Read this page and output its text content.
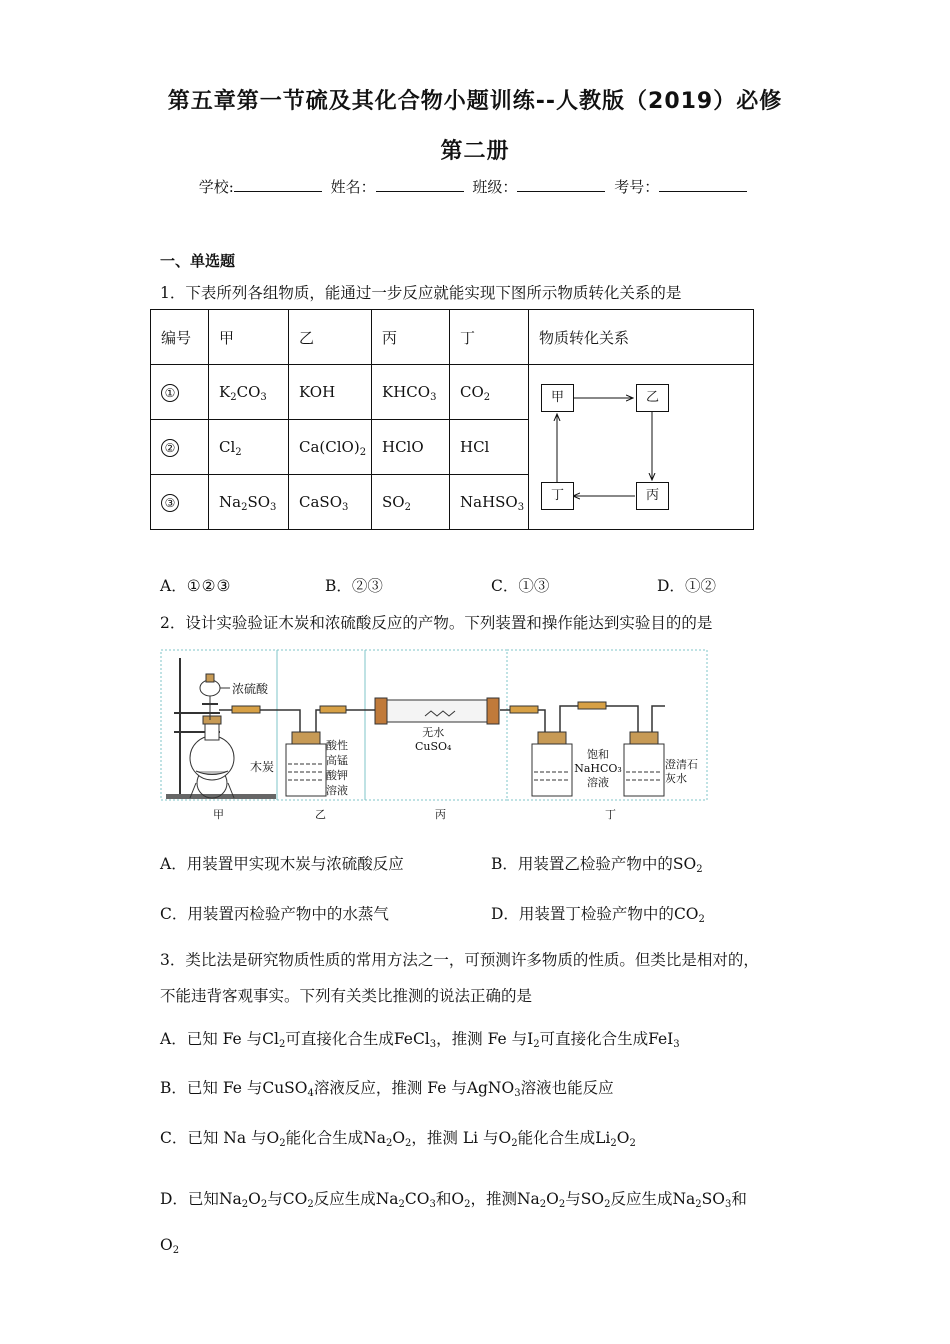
第五章第一节硫及其化合物小题训练--人教版（2019）必修
第二册
学校:	姓名：	班级：	考号：
一、单选题
1．下表所列各组物质，能通过一步反应就能实现下图所示物质转化关系的是
编号	甲	乙	丙	丁	物质转化关系
①	$K_2CO_3$	KOH	$KHCO_3$	$CO_2$	甲 乙
丙
丁

②	$Cl_2$	$Ca(ClO)_2$	HClO	HCl	
③	$Na_2SO_3$	CaSO$_3$	$SO_2$	NaHSO$_3$
A．①②③	B．②③	C．①③	D．①②
2．设计实验验证木炭和浓硫酸反应的产物。下列装置和操作能达到实验目的的是
浓硫酸
木炭
酸性
高锰
酸钾
溶液
无水
CuSO₄
饱和
NaHCO₃
溶液
澄清石
灰水
甲	乙	丙	丁
A．用装置甲实现木炭与浓硫酸反应	B．用装置乙检验产物中的$SO_2$
C．用装置丙检验产物中的水蒸气	D．用装置丁检验产物中的$CO_2$
3．类比法是研究物质性质的常用方法之一，可预测许多物质的性质。但类比是相对的，
不能违背客观事实。下列有关类比推测的说法正确的是
A．已知 Fe 与$Cl_2$可直接化合生成FeCl$_3$，推测 Fe 与$I_2$可直接化合生成FeI$_3$
B．已知 Fe 与CuSO$_4$溶液反应，推测 Fe 与AgNO$_3$溶液也能反应
C．已知 Na 与$O_2$能化合生成$Na_2O_2$，推测 Li 与$O_2$能化合生成$Li_2O_2$
D．已知$Na_2O_2$与$CO_2$反应生成$Na_2CO_3$和$O_2$，推测$Na_2O_2$与$SO_2$反应生成$Na_2SO_3$和
$O_2$
